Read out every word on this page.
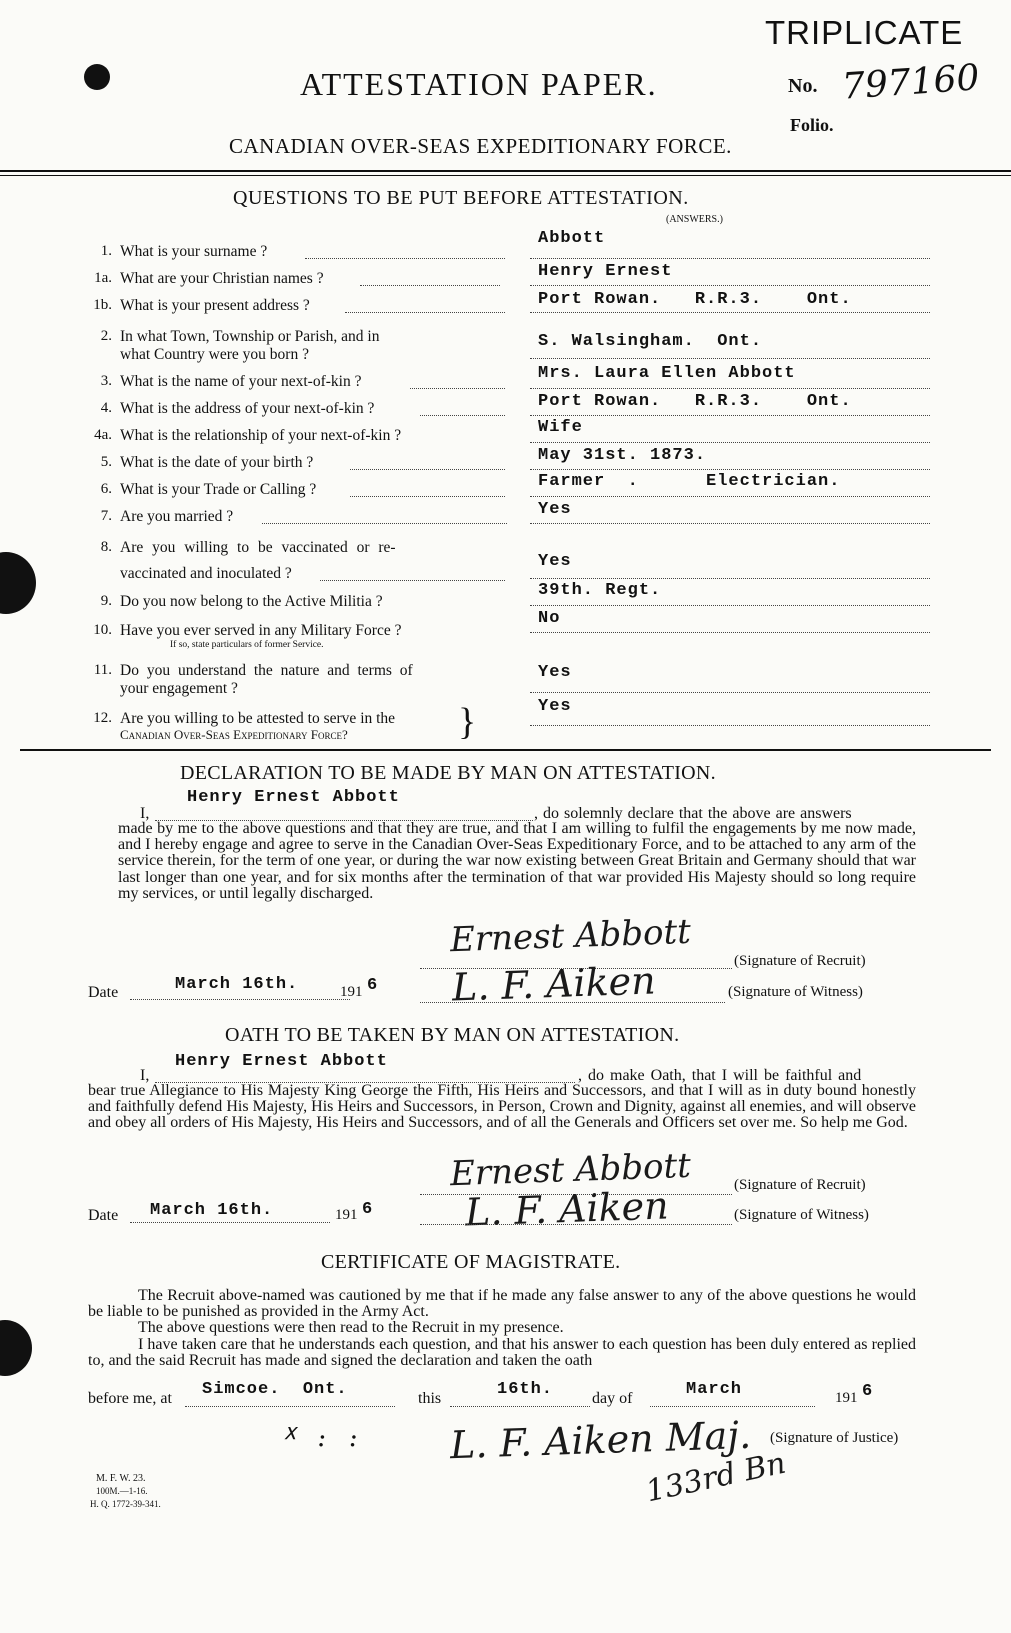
TRIPLICATE
ATTESTATION PAPER.	No. 797160
Folio.
CANADIAN OVER-SEAS EXPEDITIONARY FORCE.
QUESTIONS TO BE PUT BEFORE ATTESTATION.
(ANSWERS.)
1. What is your surname ?
Abbott
1a. What are your Christian names ?	Henry Ernest
1b. What is your present address ?	Port Rowan.   R.R.3.    Ont.
2. In what Town, Township or Parish, and in
what Country were you born ?
S. Walsingham.  Ont.
3. What is the name of your next-of-kin ?	Mrs. Laura Ellen Abbott
4. What is the address of your next-of-kin ?	Port Rowan.   R.R.3.    Ont.
4a. What is the relationship of your next-of-kin ?	Wife
5. What is the date of your birth ?	May 31st. 1873.
6. What is your Trade or Calling ?	Farmer  .      Electrician.
7. Are you married ?	Yes
8. Are you willing to be vaccinated or re-
vaccinated and inoculated ?
Yes
9. Do you now belong to the Active Militia ?
39th. Regt.
10. Have you ever served in any Military Force ?
If so, state particulars of former Service.
No
11. Do you understand the nature and terms of
your engagement ?
Yes
12. Are you willing to be attested to serve in the
Canadian Over-Seas Expeditionary Force?	}	Yes
DECLARATION TO BE MADE BY MAN ON ATTESTATION.
I,
Henry Ernest Abbott
, do solemnly declare that the above are answers
made by me to the above questions and that they are true, and that I am willing to fulfil the engagements by me now made, and I hereby engage and agree to serve in the Canadian Over-Seas Expeditionary Force, and to be attached to any arm of the service therein, for the term of one year, or during the war now existing between Great Britain and Germany should that war last longer than one year, and for six months after the termination of that war provided His Majesty should so long require my services, or until legally discharged.
Ernest Abbott
(Signature of Recruit)
Date	March 16th.	191 6 L. F. Aiken	(Signature of Witness)
OATH TO BE TAKEN BY MAN ON ATTESTATION.
I,
Henry Ernest Abbott
, do make Oath, that I will be faithful and
bear true Allegiance to His Majesty King George the Fifth, His Heirs and Successors, and that I will as in duty bound honestly and faithfully defend His Majesty, His Heirs and Successors, in Person, Crown and Dignity, against all enemies, and will observe and obey all orders of His Majesty, His Heirs and Successors, and of all the Generals and Officers set over me. So help me God.
Ernest Abbott	(Signature of Recruit)
Date March 16th.	191 6 L. F. Aiken	(Signature of Witness)
CERTIFICATE OF MAGISTRATE.

The Recruit above-named was cautioned by me that if he made any false answer to any of the above questions he would be liable to be punished as provided in the Army Act.

The above questions were then read to the Recruit in my presence.

I have taken care that he understands each question, and that his answer to each question has been duly entered as replied to, and the said Recruit has made and signed the declaration and taken the oath

before me, at Simcoe.  Ont.	this	16th. day of	March	191 6
ᕽ ꞉ ꞉ L. F. Aiken Maj.
133rd Bn
(Signature of Justice)
M. F. W. 23.
100M.—1-16.
H. Q. 1772-39-341.
